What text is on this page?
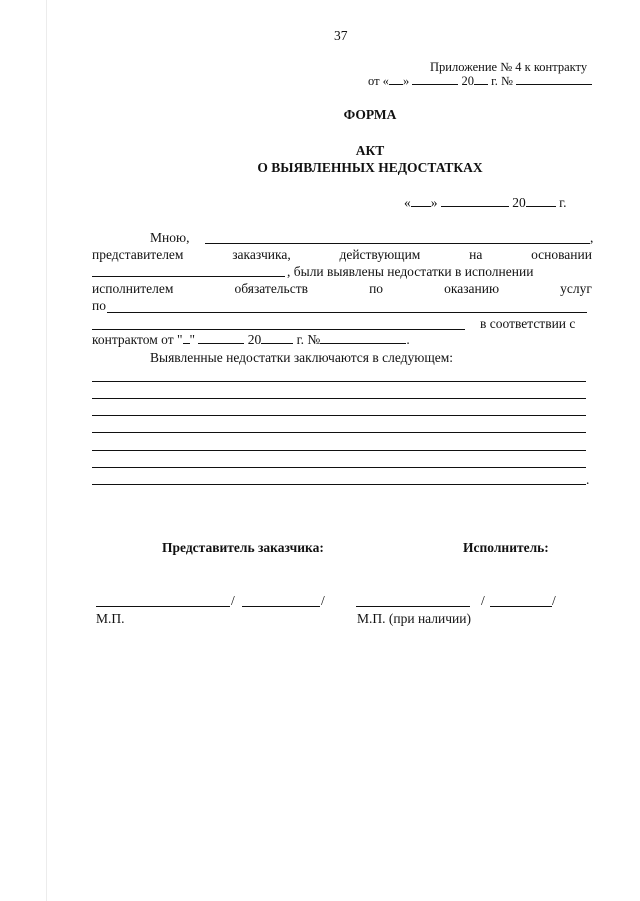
37
Приложение № 4 к контракту
от « »	20 г. №
ФОРМА
АКТ
О ВЫЯВЛЕННЫХ НЕДОСТАТКАХ
« »	20 г.
Мною,	,
представителем	заказчика,	действующим	на	основании
, были выявлены недостатки в исполнении
исполнителем	обязательств	по	оказанию	услуг
по
в соответствии с
контрактом от " "	20	г. №	.
Выявленные недостатки заключаются в следующем:
.
Представитель заказчика:	Исполнитель:
/	/	/	/
М.П.	М.П. (при наличии)
